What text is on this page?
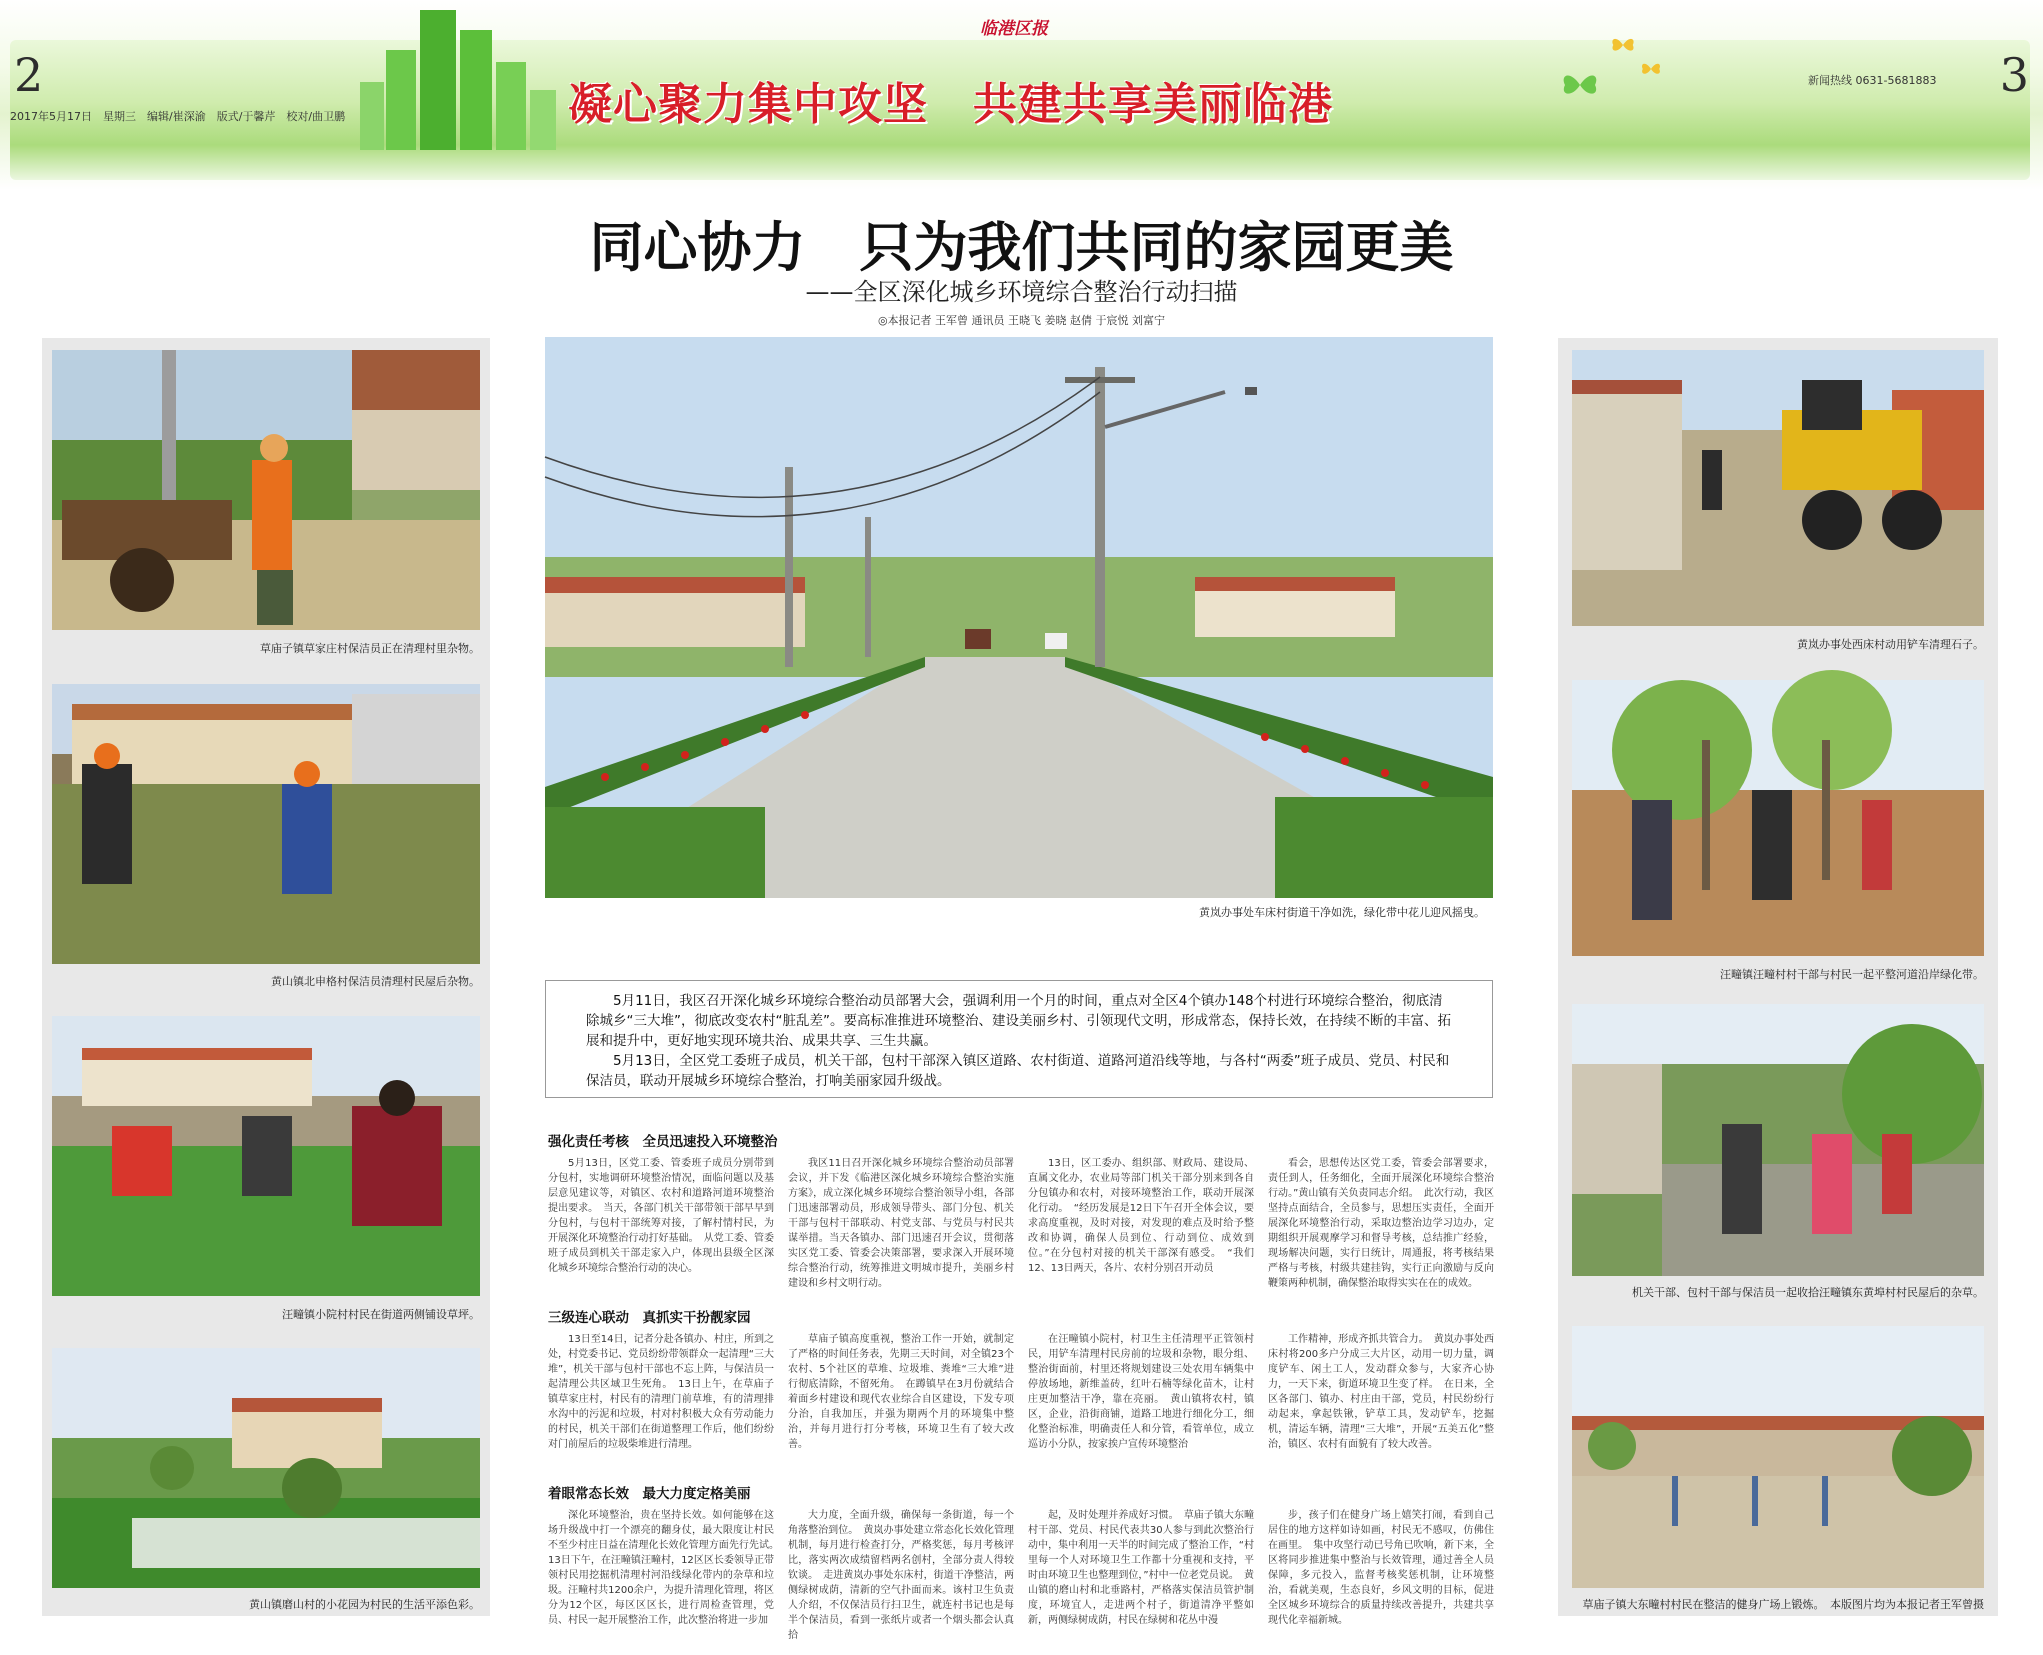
2	3
2017年5月17日　星期三　编辑/崔深渝　版式/于馨芹　校对/曲卫鹏
新闻热线 0631-5681883
临港区报
凝心聚力集中攻坚　共建共享美丽临港
同心协力　只为我们共同的家园更美
——全区深化城乡环境综合整治行动扫描
◎本报记者 王军曾 通讯员 王晓飞 姜晓 赵倩 于宸悦 刘富宁
草庙子镇草家庄村保洁员正在清理村里杂物。
黄山镇北申格村保洁员清理村民屋后杂物。
汪疃镇小院村村民在街道两侧铺设草坪。
黄山镇磨山村的小花园为村民的生活平添色彩。
黄岚办事处西床村动用铲车清理石子。
汪疃镇汪疃村村干部与村民一起平整河道沿岸绿化带。
机关干部、包村干部与保洁员一起收拾汪疃镇东黄埠村村民屋后的杂草。
草庙子镇大东疃村村民在整洁的健身广场上锻炼。　本版图片均为本报记者王军曾摄
黄岚办事处车床村街道干净如洗，绿化带中花儿迎风摇曳。

5月11日，我区召开深化城乡环境综合整治动员部署大会，强调利用一个月的时间，重点对全区4个镇办148个村进行环境综合整治，彻底清除城乡“三大堆”，彻底改变农村“脏乱差”。要高标准推进环境整治、建设美丽乡村、引领现代文明，形成常态，保持长效，在持续不断的丰富、拓展和提升中，更好地实现环境共治、成果共享、三生共赢。

5月13日，全区党工委班子成员，机关干部，包村干部深入镇区道路、农村街道、道路河道沿线等地，与各村“两委”班子成员、党员、村民和保洁员，联动开展城乡环境综合整治，打响美丽家园升级战。

强化责任考核　全员迅速投入环境整治

5月13日，区党工委、管委班子成员分别带到分包村，实地调研环境整治情况，面临问题以及基层意见建议等，对镇区、农村和道路河道环境整治提出要求。　当天，各部门机关干部带领干部早早到分包村，与包村干部统筹对接，了解村情村民，为开展深化环境整治行动打好基础。　从党工委、管委班子成员到机关干部走家入户，体现出县级全区深化城乡环境综合整治行动的决心。

我区11日召开深化城乡环境综合整治动员部署会议，并下发《临港区深化城乡环境综合整治实施方案》，成立深化城乡环境综合整治领导小组，各部门迅速部署动员，形成领导带头、部门分包、机关干部与包村干部联动、村党支部、与党员与村民共谋举措。当天各镇办、部门迅速召开会议，贯彻落实区党工委、管委会决策部署，要求深入开展环境综合整治行动，统筹推进文明城市提升，美丽乡村建设和乡村文明行动。

13日，区工委办、组织部、财政局、建设局、直属文化办，农业局等部门机关干部分别来到各自分包镇办和农村，对接环境整治工作，联动开展深化行动。　“经历发展是12日下午召开全体会议，要求高度重视，及时对接，对发现的难点及时给予整改和协调，确保人员到位、行动到位、成效到位。”在分包村对接的机关干部深有感受。　“我们12、13日两天，各片、农村分别召开动员

看会，思想传达区党工委，管委会部署要求，责任到人，任务细化，全面开展深化环境综合整治行动。”黄山镇有关负责同志介绍。　此次行动，我区坚持点面结合，全员参与，思想压实责任，全面开展深化环境整治行动，采取边整治边学习边办，定期组织开展观摩学习和督导考核，总结推广经验，现场解决问题，实行日统计，周通报，将考核结果严格与考核，村级共建挂钩，实行正向激励与反向鞭策两种机制，确保整治取得实实在在的成效。

三级连心联动　真抓实干扮靓家园

13日至14日，记者分赴各镇办、村庄，所到之处，村党委书记、党员纷纷带领群众一起清理“三大堆”，机关干部与包村干部也不忘上阵，与保洁员一起清理公共区域卫生死角。　13日上午，在草庙子镇草家庄村，村民有的清理门前草堆，有的清理排水沟中的污泥和垃圾，村对村积极大众有劳动能力的村民，机关干部们在街道整理工作后，他们纷纷对门前屋后的垃圾柴堆进行清理。

草庙子镇高度重视，整治工作一开始，就制定了严格的时间任务表，先期三天时间，对全镇23个农村、5个社区的草堆、垃圾堆、粪堆“三大堆”进行彻底清除，不留死角。　在蹲镇早在3月份就结合着面乡村建设和现代农业综合自区建设，下发专项分治，自我加压，并强为期两个月的环境集中整治，并每月进行打分考核，环境卫生有了较大改善。

在汪疃镇小院村，村卫生主任清理平正管领村民，用铲车清理村民房前的垃圾和杂物，眼分组、整治街面前，村里还将规划建设三处农用车辆集中停放场地，新维盖砖，红叶石楠等绿化苗木，让村庄更加整洁干净，靠在亮丽。　黄山镇将农村，镇区，企业，沿街商铺，道路工地进行细化分工，细化整治标准，明确责任人和分管，看管单位，成立巡访小分队，按家挨户宣传环境整治

工作精神，形成齐抓共管合力。　黄岚办事处西床村将200多户分成三大片区，动用一切力量，调度铲车、闲土工人，发动群众参与，大家齐心协力，一天下来，街道环境卫生变了样。　在日来，全区各部门、镇办、村庄由干部，党员，村民纷纷行动起来，拿起铁锹，铲草工具，发动铲车，挖掘机，清运车辆，清理“三大堆”，开展“五美五化”整治，镇区、农村有面貌有了较大改善。

着眼常态长效　最大力度定格美丽

深化环境整治，贵在坚持长效。如何能够在这场升级战中打一个漂亮的翻身仗，最大限度让村民不至少村庄日益在清理化长效化管理方面先行先试。　13日下午，在汪疃镇汪疃村，12区区长委领导正带领村民用挖掘机清理村河沿线绿化带内的杂草和垃圾。汪疃村共1200余户，为提升清理化管理，将区分为12个区，每区区区长，进行周检查管理，党员、村民一起开展整治工作，此次整治将进一步加

大力度，全面升级，确保每一条街道，每一个角落整治到位。　黄岚办事处建立常态化长效化管理机制，每月进行检查打分，严格奖惩，每月考核评比，落实两次成绩留档两名创村，全部分责人得较钦谈。　走进黄岚办事处东床村，街道干净整洁，两侧绿树成荫，清新的空气扑面而来。该村卫生负责人介绍，不仅保洁员行扫卫生，就连村书记也是每半个保洁员，看到一张纸片或者一个烟头都会认真拾

起，及时处理并养成好习惯。　草庙子镇大东疃村干部、党员、村民代表共30人参与到此次整治行动中，集中利用一天半的时间完成了整治工作，“村里每一个人对环境卫生工作都十分重视和支持，平时由环境卫生也整理到位，”村中一位老党员说。　黄山镇的磨山村和北垂路村，严格落实保洁员管护制度，环境宜人，走进两个村子，街道清净平整如新，两侧绿树成荫，村民在绿树和花丛中漫

步，孩子们在健身广场上嬉笑打闹，看到自己居住的地方这样如诗如画，村民无不感叹，仿佛住在画里。　集中攻坚行动已号角已吹响，新下来，全区将同步推进集中整治与长效管理，通过善全人员保障，多元投入，监督考核奖惩机制，让环境整治，看就美观，生态良好，乡风文明的目标，促进全区城乡环境综合的质量持续改善提升，共建共享现代化幸福新城。
